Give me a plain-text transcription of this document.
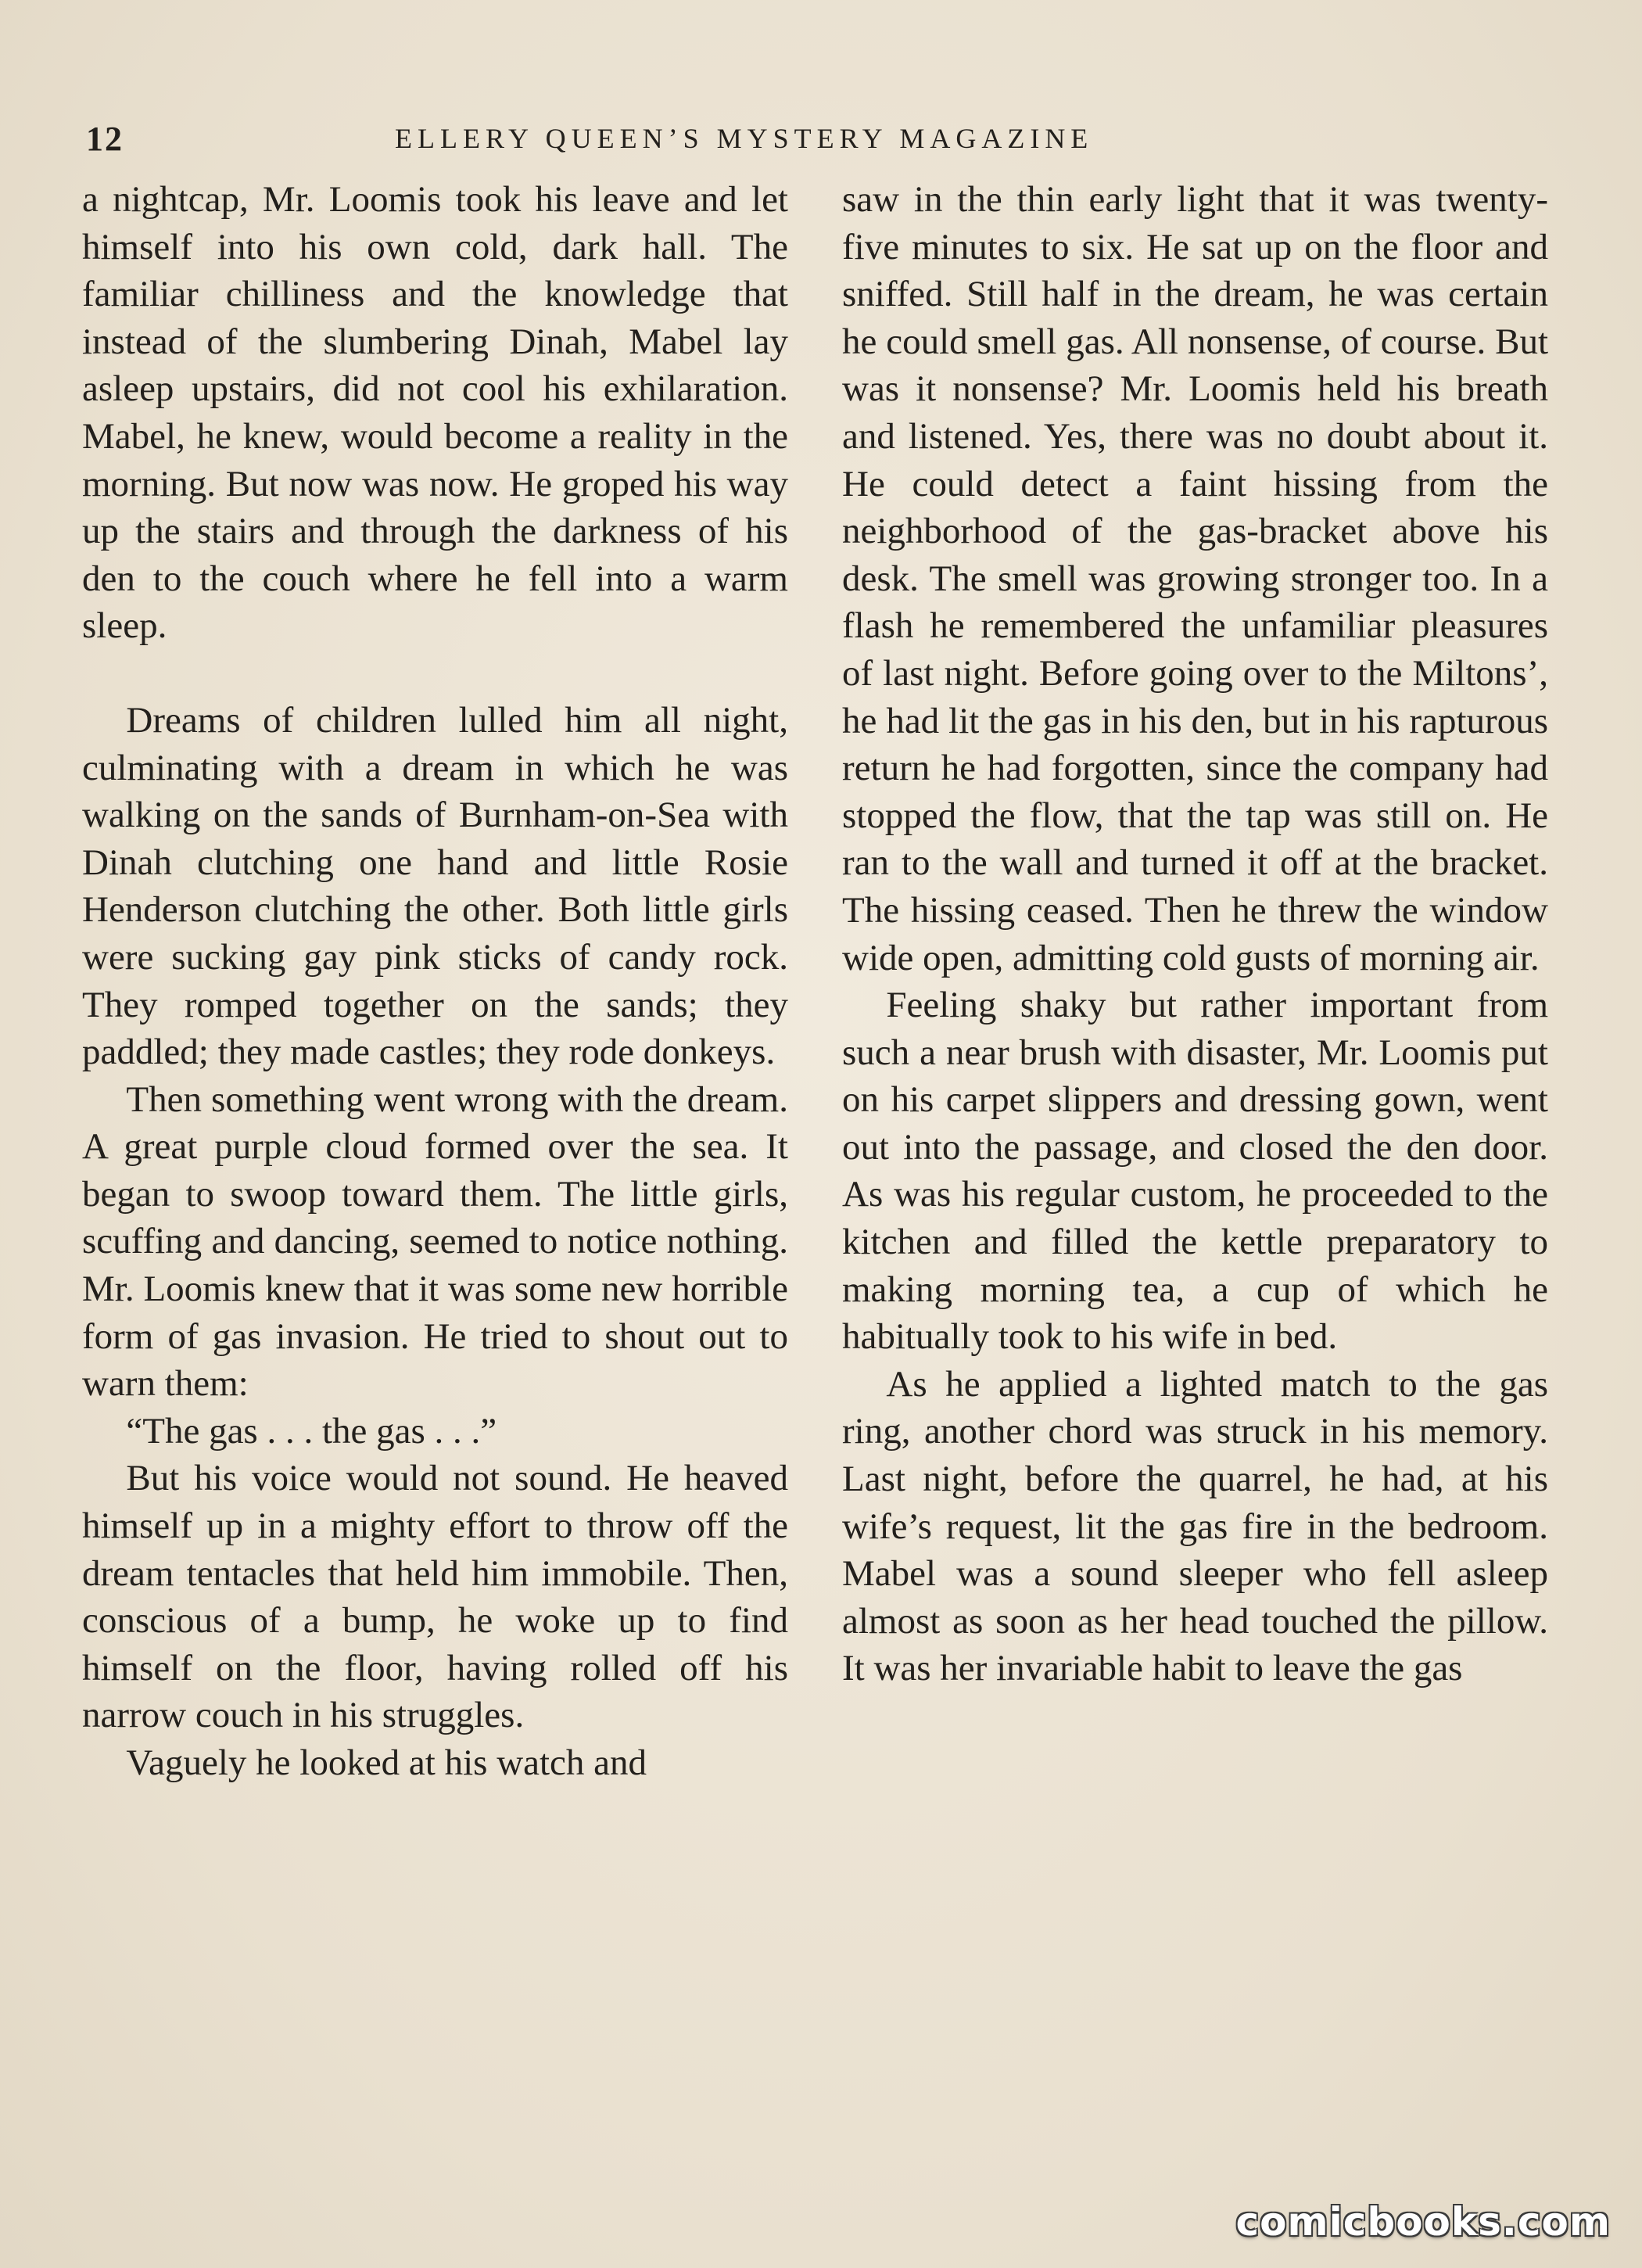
12	ELLERY QUEEN’S MYSTERY MAGAZINE

a nightcap, Mr. Loomis took his leave and let himself into his own cold, dark hall. The familiar chilliness and the knowledge that instead of the slumbering Dinah, Mabel lay asleep upstairs, did not cool his exhilaration. Mabel, he knew, would become a reality in the morning. But now was now. He groped his way up the stairs and through the darkness of his den to the couch where he fell into a warm sleep.

Dreams of children lulled him all night, culminating with a dream in which he was walking on the sands of Burnham-on-Sea with Dinah clutching one hand and little Rosie Henderson clutching the other. Both little girls were sucking gay pink sticks of candy rock. They romped together on the sands; they paddled; they made castles; they rode donkeys.

Then something went wrong with the dream. A great purple cloud formed over the sea. It began to swoop toward them. The little girls, scuffing and dancing, seemed to notice nothing. Mr. Loomis knew that it was some new horrible form of gas invasion. He tried to shout out to warn them:

“The gas . . . the gas . . .”

But his voice would not sound. He heaved himself up in a mighty effort to throw off the dream tentacles that held him immobile. Then, conscious of a bump, he woke up to find himself on the floor, having rolled off his narrow couch in his struggles.

Vaguely he looked at his watch and

saw in the thin early light that it was twenty-five minutes to six. He sat up on the floor and sniffed. Still half in the dream, he was certain he could smell gas. All nonsense, of course. But was it nonsense? Mr. Loomis held his breath and listened. Yes, there was no doubt about it. He could detect a faint hissing from the neighborhood of the gas-bracket above his desk. The smell was growing stronger too. In a flash he remembered the unfamiliar pleasures of last night. Before going over to the Miltons’, he had lit the gas in his den, but in his rapturous return he had forgotten, since the company had stopped the flow, that the tap was still on. He ran to the wall and turned it off at the bracket. The hissing ceased. Then he threw the window wide open, admitting cold gusts of morning air.

Feeling shaky but rather important from such a near brush with disaster, Mr. Loomis put on his carpet slippers and dressing gown, went out into the passage, and closed the den door. As was his regular custom, he proceeded to the kitchen and filled the kettle preparatory to making morning tea, a cup of which he habitually took to his wife in bed.

As he applied a lighted match to the gas ring, another chord was struck in his memory. Last night, before the quarrel, he had, at his wife’s request, lit the gas fire in the bedroom. Mabel was a sound sleeper who fell asleep almost as soon as her head touched the pillow. It was her invariable habit to leave the gas

comicbooks.com
